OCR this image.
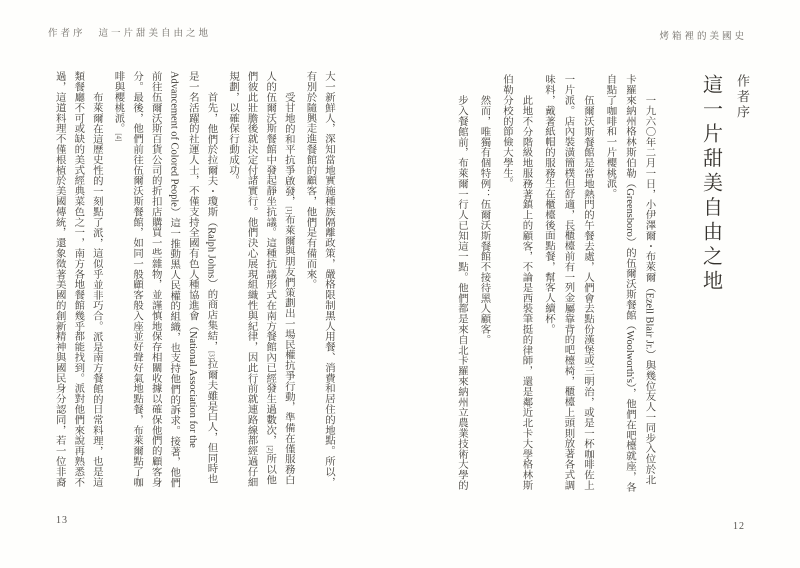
作者序 這一片甜美自由之地

大一新鮮人，深知當地實施種族隔離政策，嚴格限制黑人用餐、消費和居住的地點。所以，有別於隨興走進餐館的顧客，他們是有備而來。

受甘地的和平抗爭啟發，[1]布萊爾與朋友們策劃出一場民權抗爭行動，準備在僅服務白人的伍爾沃斯餐館中發起靜坐抗議。這種抗議形式在南方餐館內已經發生過數次，[2]所以他們彼此壯膽後就決定付諸實行。他們決心展現組織性與紀律，因此行前就連路線都經過仔細規劃，以確保行動成功。

首先，他們於拉爾夫・瓊斯（Ralph Johns）的商店集結，[3]拉爾夫雖是白人，但同時也是一名活躍的社運人士，不僅支持全國有色人種協進會（National Association for the Advancement of Colored People）這一推動黑人民權的組織，也支持他們的訴求。接著，他們前往伍爾沃斯百貨公司的折扣店購買一些雜物，並謹慎地保存相關收據以確保他們的顧客身分。最後，他們前往伍爾沃斯餐館，如同一般顧客般入座並好聲好氣地點餐，布萊爾點了咖啡與櫻桃派。[4]

布萊爾在這歷史性的一刻點了派，這似乎並非巧合。派是南方餐館的日常料理，也是這類餐廳不可或缺的美式經典菜色之一，南方各地餐館幾乎都能找到。派對他們來說再熟悉不過，這道料理不僅根植於美國傳統，還象徵著美國的創新精神與國民身分認同，若一位非裔

13
烤箱裡的美國史
作者序
這一片甜美自由之地

一九六〇年二月一日，小伊澤爾・布萊爾（Ezell Blair Jr.）與幾位友人一同步入位於北卡羅來納州格林斯伯勒（Greensboro）的伍爾沃斯餐館（Woolworth's），他們在吧檯就座，各自點了咖啡和一片櫻桃派。

伍爾沃斯餐館是當地熱門的午餐去處，人們會去點份漢堡或三明治，或是一杯咖啡佐上一片派。店內裝潢簡樸但舒適，長櫃檯前有一列金屬靠背的吧檯椅，櫃檯上頭則放著各式調味料，戴著紙帽的服務生在櫃檯後面點餐，幫客人續杯。

此地不分階級地服務著鎮上的顧客，不論是西裝筆挺的律師，還是鄰近北卡大學格林斯伯勒分校的節儉大學生。

然而，唯獨有個特例：伍爾沃斯餐館不接待黑人顧客。

步入餐館前，布萊爾一行人已知這一點。他們都是來自北卡羅來納州立農業技術大學的

12
